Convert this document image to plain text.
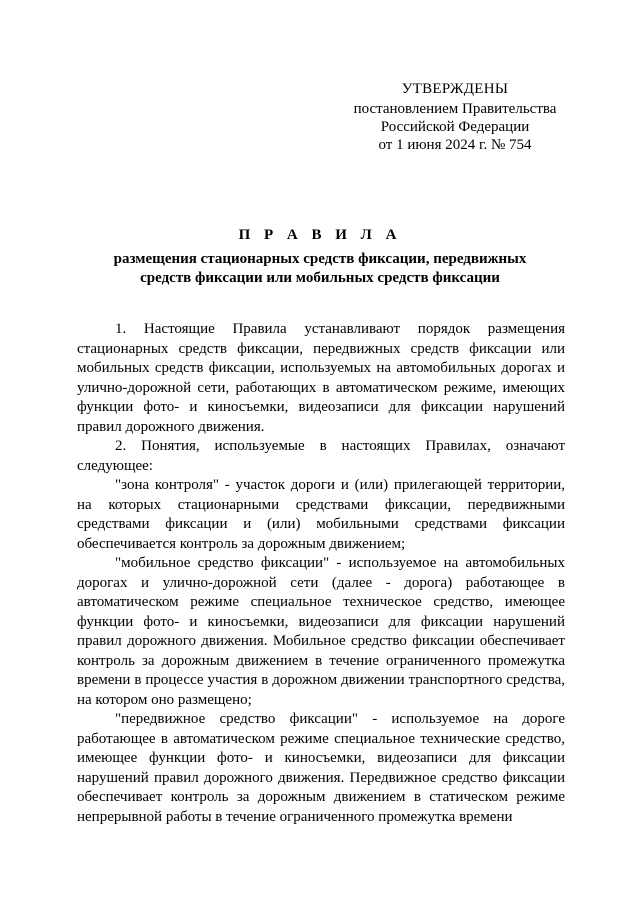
УТВЕРЖДЕНЫ
постановлением Правительства
Российской Федерации
от 1 июня 2024 г. № 754
П Р А В И Л А
размещения стационарных средств фиксации, передвижных средств фиксации или мобильных средств фиксации

1. Настоящие Правила устанавливают порядок размещения стационарных средств фиксации, передвижных средств фиксации или мобильных средств фиксации, используемых на автомобильных дорогах и улично-дорожной сети, работающих в автоматическом режиме, имеющих функции фото- и киносъемки, видеозаписи для фиксации нарушений правил дорожного движения.

2. Понятия, используемые в настоящих Правилах, означают следующее:

"зона контроля" - участок дороги и (или) прилегающей территории, на которых стационарными средствами фиксации, передвижными средствами фиксации и (или) мобильными средствами фиксации обеспечивается контроль за дорожным движением;

"мобильное средство фиксации" - используемое на автомобильных дорогах и улично-дорожной сети (далее - дорога) работающее в автоматическом режиме специальное техническое средство, имеющее функции фото- и киносъемки, видеозаписи для фиксации нарушений правил дорожного движения. Мобильное средство фиксации обеспечивает контроль за дорожным движением в течение ограниченного промежутка времени в процессе участия в дорожном движении транспортного средства, на котором оно размещено;

"передвижное средство фиксации" - используемое на дороге работающее в автоматическом режиме специальное технические средство, имеющее функции фото- и киносъемки, видеозаписи для фиксации нарушений правил дорожного движения. Передвижное средство фиксации обеспечивает контроль за дорожным движением в статическом режиме непрерывной работы в течение ограниченного промежутка времени
